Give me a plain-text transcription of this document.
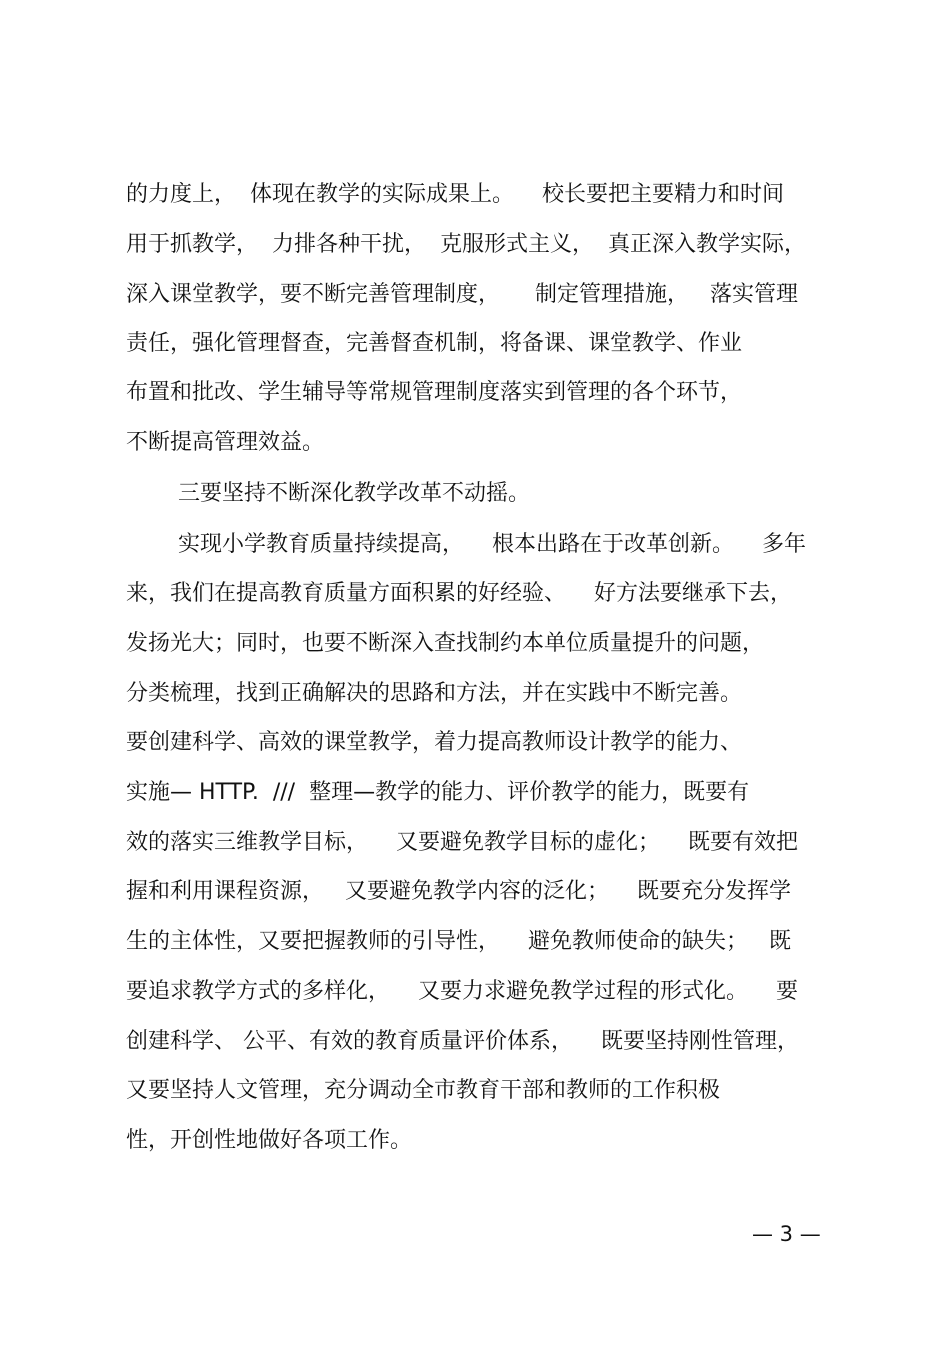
的力度上，  体现在教学的实际成果上。    校长要把主要精力和时间
用于抓教学，  力排各种干扰，  克服形式主义，  真正深入教学实际，
深入课堂教学，要不断完善管理制度，     制定管理措施，   落实管理
责任，强化管理督查，完善督查机制，将备课、课堂教学、作业
布置和批改、学生辅导等常规管理制度落实到管理的各个环节，
不断提高管理效益。
三要坚持不断深化教学改革不动摇。
实现小学教育质量持续提高，    根本出路在于改革创新。    多年
来，我们在提高教育质量方面积累的好经验、    好方法要继承下去，
发扬光大；同时，也要不断深入查找制约本单位质量提升的问题，
分类梳理，找到正确解决的思路和方法，并在实践中不断完善。
要创建科学、高效的课堂教学，着力提高教师设计教学的能力、
实施— HTTP.  ///  整理—教学的能力、评价教学的能力，既要有
效的落实三维教学目标，    又要避免教学目标的虚化；    既要有效把
握和利用课程资源，   又要避免教学内容的泛化；    既要充分发挥学
生的主体性，又要把握教师的引导性，    避免教师使命的缺失；   既
要追求教学方式的多样化，    又要力求避免教学过程的形式化。    要
创建科学、 公平、有效的教育质量评价体系，    既要坚持刚性管理，
又要坚持人文管理，充分调动全市教育干部和教师的工作积极
性，开创性地做好各项工作。
— 3 —
